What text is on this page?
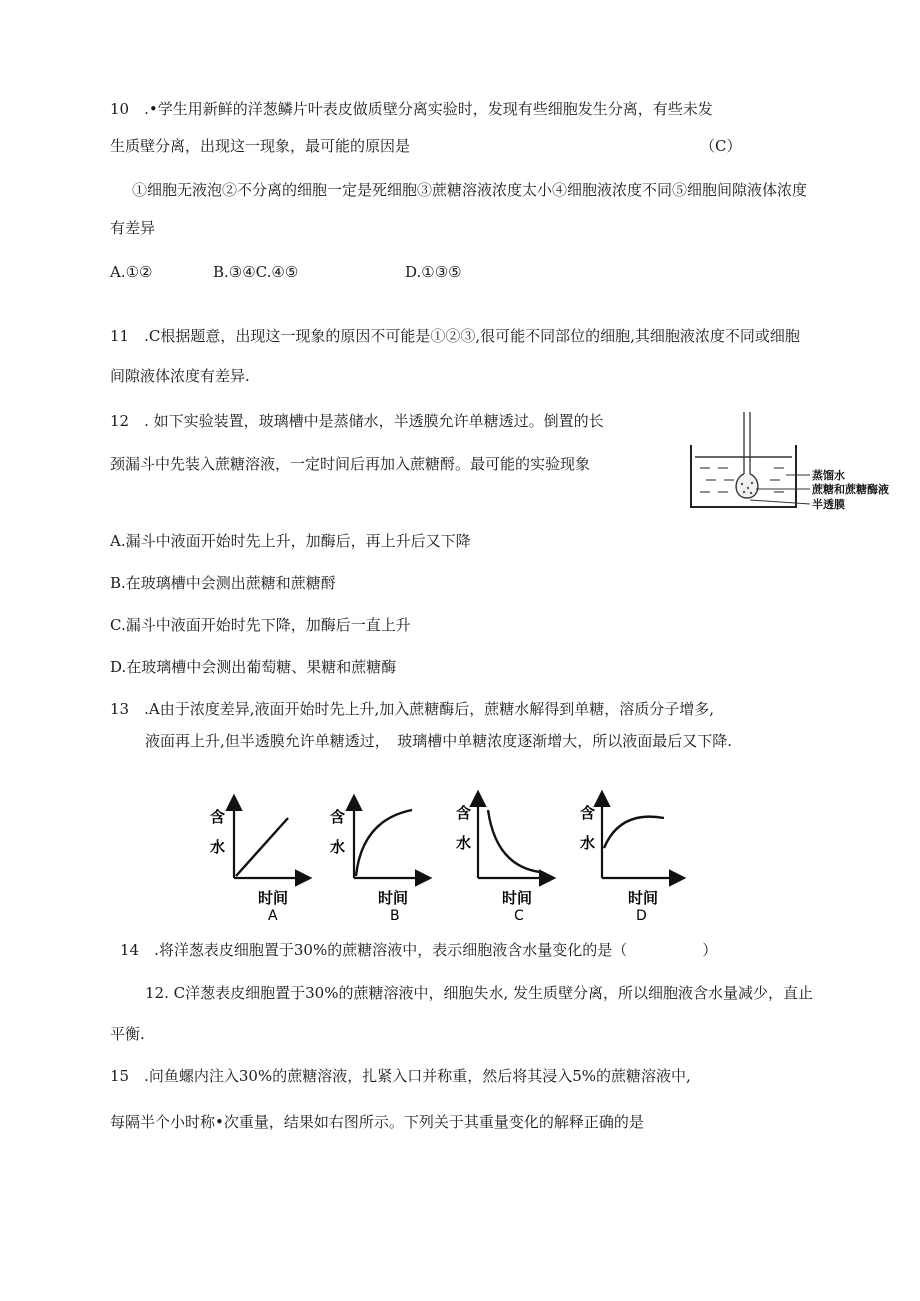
10　.•学生用新鲜的洋葱鳞片叶表皮做质壁分离实验时，发现有些细胞发生分离，有些未发
生质壁分离，出现这一现象，最可能的原因是	（C）
①细胞无液泡②不分离的细胞一定是死细胞③蔗糖溶液浓度太小④细胞液浓度不同⑤细胞间隙液体浓度
有差异
A.①②	B.③④C.④⑤	D.①③⑤
11　.C根据题意，出现这一现象的原因不可能是①②③,很可能不同部位的细胞,其细胞液浓度不同或细胞
间隙液体浓度有差异.
12　. 如下实验装置，玻璃槽中是蒸储水，半透膜允许单糖透过。倒置的长
颈漏斗中先装入蔗糖溶液，一定时间后再加入蔗糖酹。最可能的实验现象
蒸馏水
蔗糖和蔗糖酶液
半透膜
A.漏斗中液面开始时先上升，加酶后，再上升后又下降
B.在玻璃槽中会测出蔗糖和蔗糖酹
C.漏斗中液面开始时先下降，加酶后一直上升
D.在玻璃槽中会测出葡萄糖、果糖和蔗糖酶
13　.A由于浓度差异,液面开始时先上升,加入蔗糖酶后，蔗糖水解得到单糖，溶质分子增多,
液面再上升,但半透膜允许单糖透过，　玻璃槽中单糖浓度逐渐增大，所以液面最后又下降.
含
水
时间
A
含
水
时间
B
含
水
时间
C
含
水
时间
D
14　.将洋葱表皮细胞置于30%的蔗糖溶液中，表示细胞液含水量变化的是（　　　　　）
12. C洋葱表皮细胞置于30%的蔗糖溶液中，细胞失水, 发生质壁分离，所以细胞液含水量减少，直止
平衡.
15　.问鱼螺内注入30%的蔗糖溶液，扎紧入口并称重，然后将其浸入5%的蔗糖溶液中,
每隔半个小时称•次重量，结果如右图所示。下列关于其重量变化的解释正确的是
